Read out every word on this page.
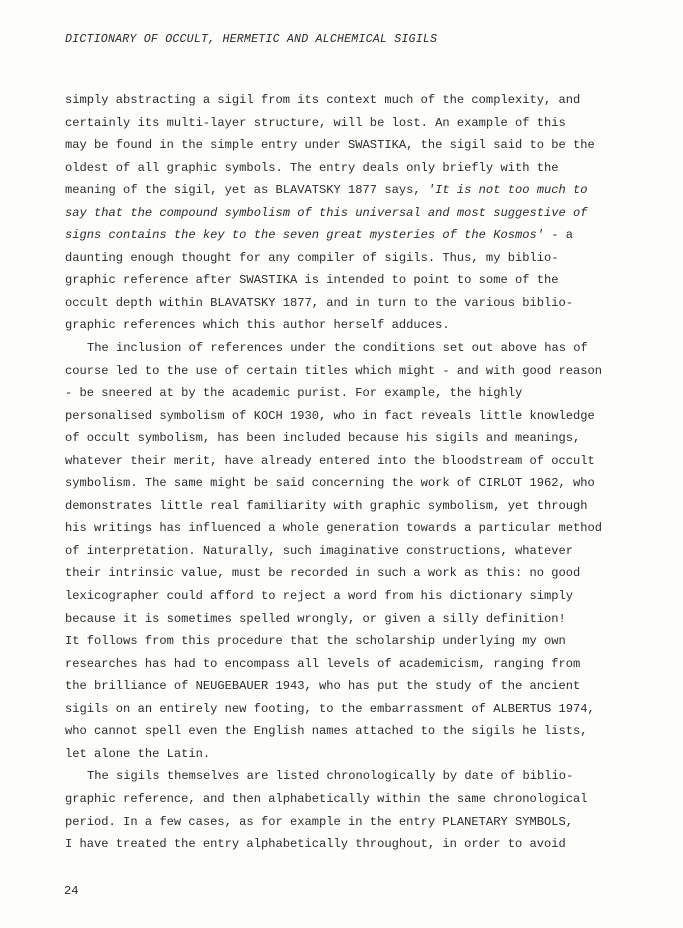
DICTIONARY OF OCCULT, HERMETIC AND ALCHEMICAL SIGILS
simply abstracting a sigil from its context much of the complexity, and
certainly its multi-layer structure, will be lost. An example of this
may be found in the simple entry under SWASTIKA, the sigil said to be the
oldest of all graphic symbols. The entry deals only briefly with the
meaning of the sigil, yet as BLAVATSKY 1877 says, 'It is not too much to
say that the compound symbolism of this universal and most suggestive of
signs contains the key to the seven great mysteries of the Kosmos' - a
daunting enough thought for any compiler of sigils. Thus, my biblio-
graphic reference after SWASTIKA is intended to point to some of the
occult depth within BLAVATSKY 1877, and in turn to the various biblio-
graphic references which this author herself adduces.
The inclusion of references under the conditions set out above has of
course led to the use of certain titles which might - and with good reason
- be sneered at by the academic purist. For example, the highly
personalised symbolism of KOCH 1930, who in fact reveals little knowledge
of occult symbolism, has been included because his sigils and meanings,
whatever their merit, have already entered into the bloodstream of occult
symbolism. The same might be said concerning the work of CIRLOT 1962, who
demonstrates little real familiarity with graphic symbolism, yet through
his writings has influenced a whole generation towards a particular method
of interpretation. Naturally, such imaginative constructions, whatever
their intrinsic value, must be recorded in such a work as this: no good
lexicographer could afford to reject a word from his dictionary simply
because it is sometimes spelled wrongly, or given a silly definition!
It follows from this procedure that the scholarship underlying my own
researches has had to encompass all levels of academicism, ranging from
the brilliance of NEUGEBAUER 1943, who has put the study of the ancient
sigils on an entirely new footing, to the embarrassment of ALBERTUS 1974,
who cannot spell even the English names attached to the sigils he lists,
let alone the Latin.
The sigils themselves are listed chronologically by date of biblio-
graphic reference, and then alphabetically within the same chronological
period. In a few cases, as for example in the entry PLANETARY SYMBOLS,
I have treated the entry alphabetically throughout, in order to avoid
24
